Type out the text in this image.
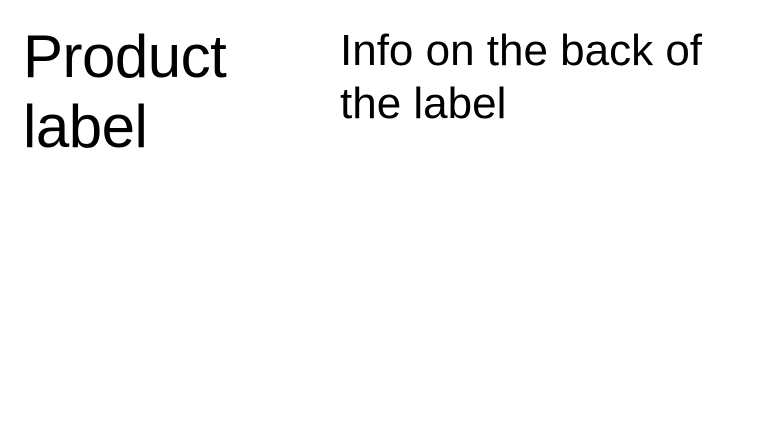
Product label
Info on the back of the label
